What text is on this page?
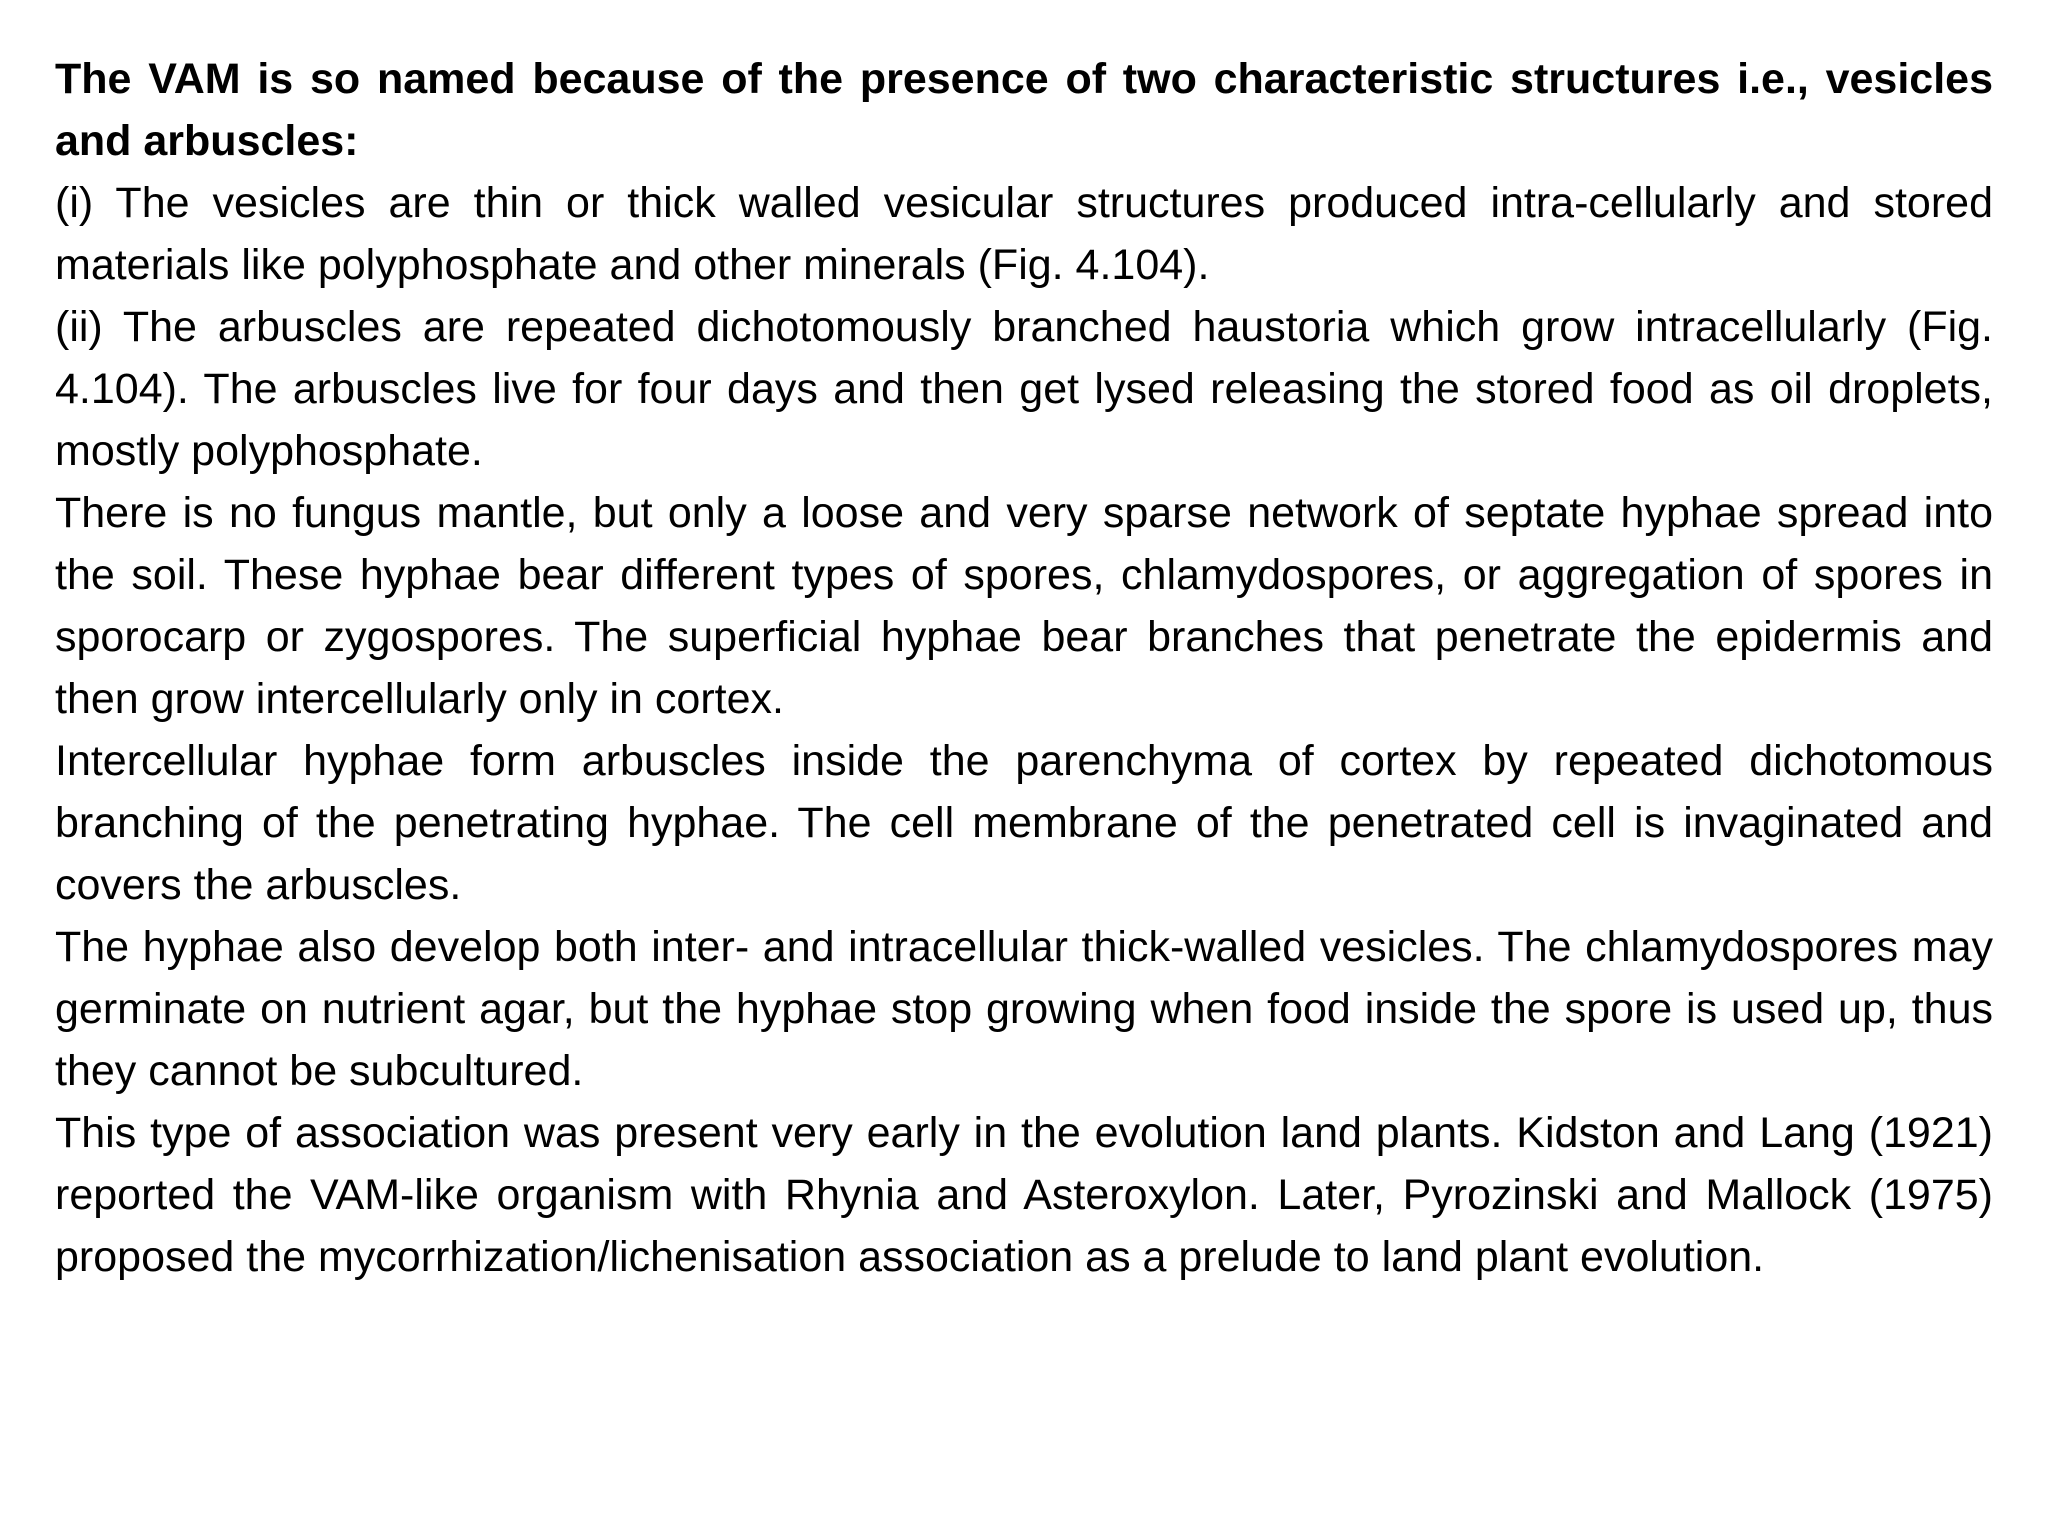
The VAM is so named because of the presence of two characteristic structures i.e., vesicles and arbuscles:

(i) The vesicles are thin or thick walled vesicular structures produced intra-cellularly and stored materials like polyphosphate and other minerals (Fig. 4.104).

(ii) The arbuscles are repeated dichotomously branched haustoria which grow intracellularly (Fig. 4.104). The arbuscles live for four days and then get lysed releasing the stored food as oil droplets, mostly polyphosphate.

There is no fungus mantle, but only a loose and very sparse network of septate hyphae spread into the soil. These hyphae bear different types of spores, chlamydospores, or aggregation of spores in sporocarp or zygospores. The superficial hyphae bear branches that penetrate the epidermis and then grow intercellularly only in cortex.

Intercellular hyphae form arbuscles inside the parenchyma of cortex by repeated dichotomous branching of the penetrating hyphae. The cell membrane of the penetrated cell is invaginated and covers the arbuscles.

The hyphae also develop both inter- and intracellular thick-walled vesicles. The chlamydospores may germinate on nutrient agar, but the hyphae stop growing when food inside the spore is used up, thus they cannot be subcultured.

This type of association was present very early in the evolution land plants. Kidston and Lang (1921) reported the VAM-like organism with Rhynia and Asteroxylon. Later, Pyrozinski and Mallock (1975) proposed the mycorrhization/lichenisation association as a prelude to land plant evolution.
